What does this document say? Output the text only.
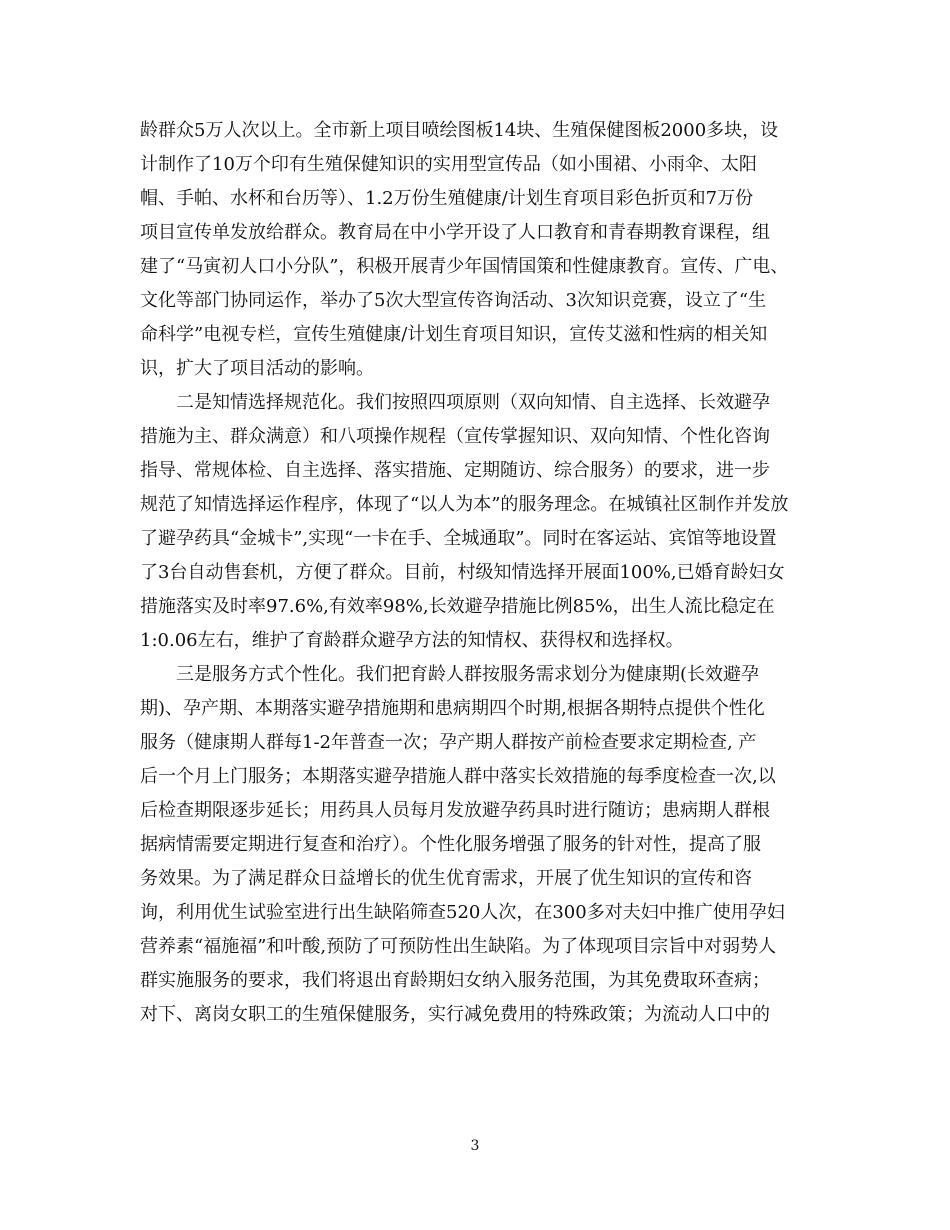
龄群众5万人次以上。全市新上项目喷绘图板14块、生殖保健图板2000多块，设
计制作了10万个印有生殖保健知识的实用型宣传品（如小围裙、小雨伞、太阳
帽、手帕、水杯和台历等）、1.2万份生殖健康/计划生育项目彩色折页和7万份
项目宣传单发放给群众。教育局在中小学开设了人口教育和青春期教育课程，组
建了“马寅初人口小分队”，积极开展青少年国情国策和性健康教育。宣传、广电、
文化等部门协同运作，举办了5次大型宣传咨询活动、3次知识竞赛，设立了“生
命科学”电视专栏，宣传生殖健康/计划生育项目知识，宣传艾滋和性病的相关知
识，扩大了项目活动的影响。
二是知情选择规范化。我们按照四项原则（双向知情、自主选择、长效避孕
措施为主、群众满意）和八项操作规程（宣传掌握知识、双向知情、个性化咨询
指导、常规体检、自主选择、落实措施、定期随访、综合服务）的要求，进一步
规范了知情选择运作程序，体现了“以人为本”的服务理念。在城镇社区制作并发放
了避孕药具“金城卡”,实现“一卡在手、全城通取”。同时在客运站、宾馆等地设置
了3台自动售套机，方便了群众。目前，村级知情选择开展面100%,已婚育龄妇女
措施落实及时率97.6%,有效率98%,长效避孕措施比例85%，出生人流比稳定在
1:0.06左右，维护了育龄群众避孕方法的知情权、获得权和选择权。
三是服务方式个性化。我们把育龄人群按服务需求划分为健康期(长效避孕
期)、孕产期、本期落实避孕措施期和患病期四个时期,根据各期特点提供个性化
服务（健康期人群每1-2年普查一次；孕产期人群按产前检查要求定期检查, 产
后一个月上门服务；本期落实避孕措施人群中落实长效措施的每季度检查一次,以
后检查期限逐步延长；用药具人员每月发放避孕药具时进行随访；患病期人群根
据病情需要定期进行复查和治疗）。个性化服务增强了服务的针对性，提高了服
务效果。为了满足群众日益增长的优生优育需求，开展了优生知识的宣传和咨
询，利用优生试验室进行出生缺陷筛查520人次，在300多对夫妇中推广使用孕妇
营养素“福施福”和叶酸,预防了可预防性出生缺陷。为了体现项目宗旨中对弱势人
群实施服务的要求，我们将退出育龄期妇女纳入服务范围，为其免费取环查病；
对下、离岗女职工的生殖保健服务，实行减免费用的特殊政策；为流动人口中的
3
